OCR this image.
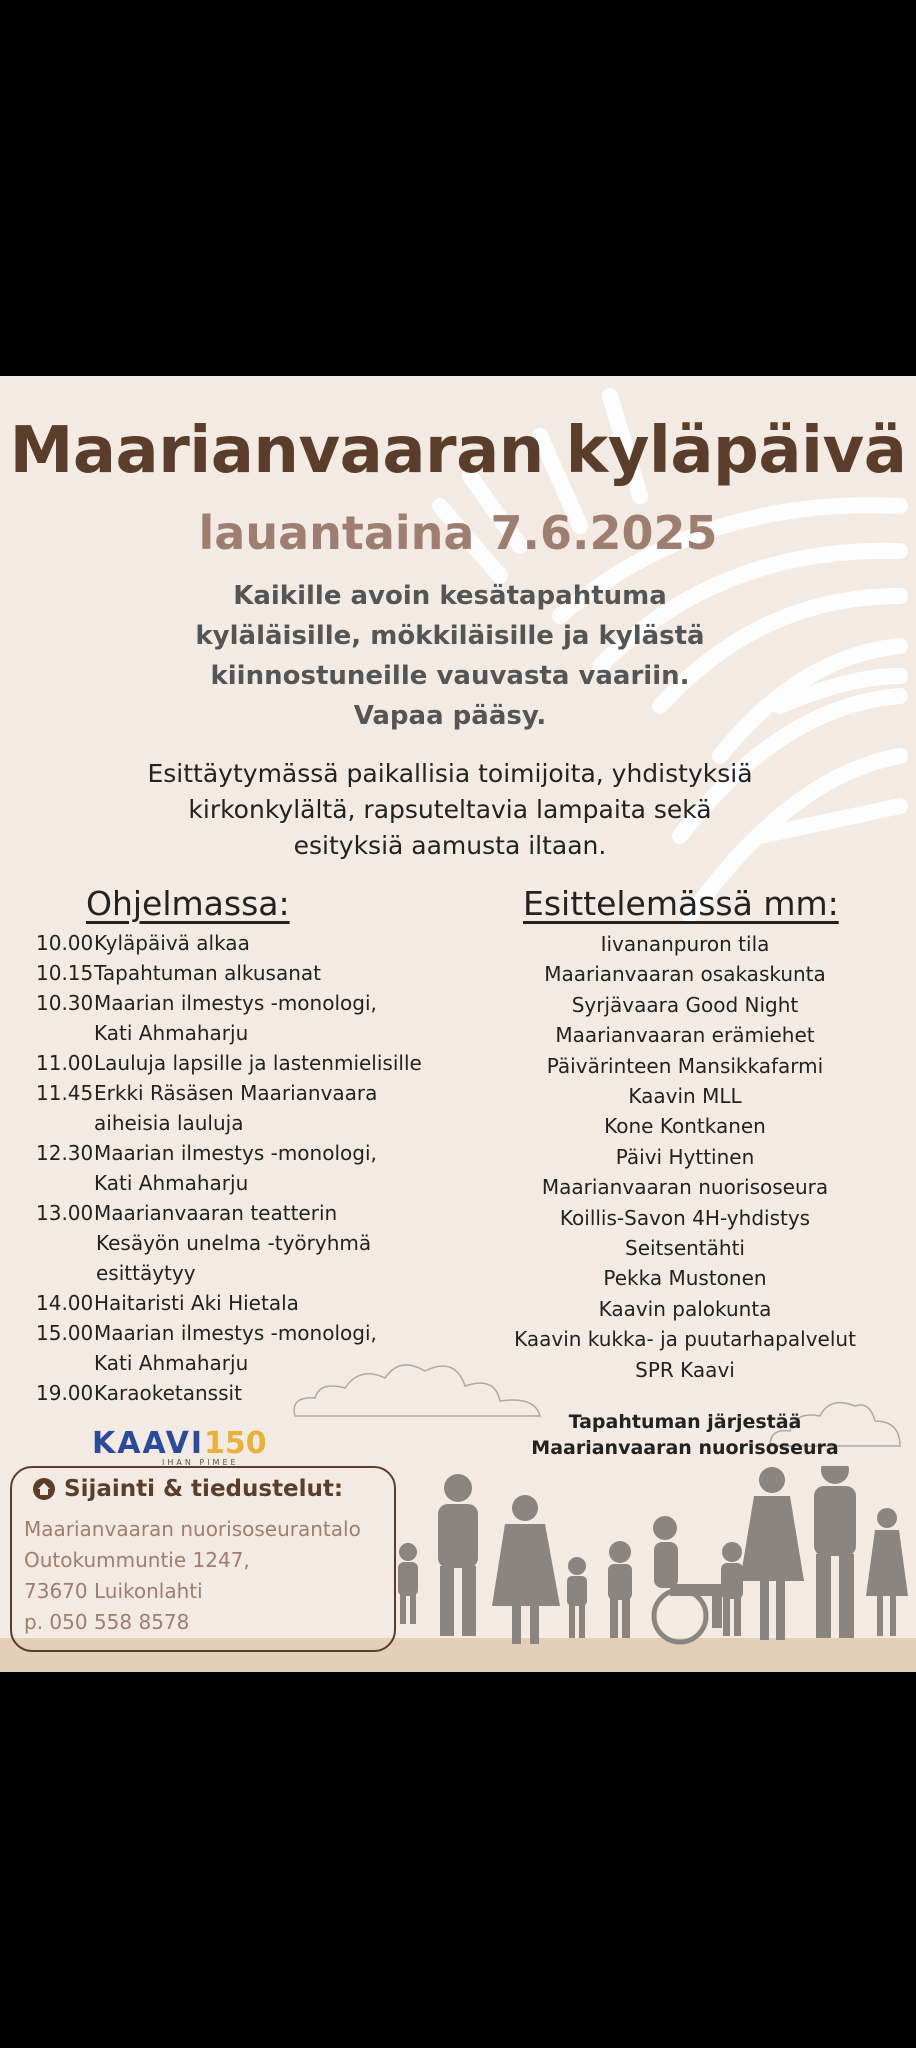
Maarianvaaran kyläpäivä
lauantaina 7.6.2025
Kaikille avoin kesätapahtuma
kyläläisille, mökkiläisille ja kylästä
kiinnostuneille vauvasta vaariin.
Vapaa pääsy.
Esittäytymässä paikallisia toimijoita, yhdistyksiä
kirkonkylältä, rapsuteltavia lampaita sekä
esityksiä aamusta iltaan.
Ohjelmassa:	Esittelemässä mm:
10.00 Kyläpäivä alkaa
10.15 Tapahtuman alkusanat
10.30 Maarian ilmestys -monologi,
Kati Ahmaharju
11.00 Lauluja lapsille ja lastenmielisille
11.45 Erkki Räsäsen Maarianvaara
aiheisia lauluja
12.30 Maarian ilmestys -monologi,
Kati Ahmaharju
13.00 Maarianvaaran teatterin
Kesäyön unelma -työryhmä
esittäytyy
14.00 Haitaristi Aki Hietala
15.00 Maarian ilmestys -monologi,
Kati Ahmaharju
19.00 Karaoketanssit
Iivananpuron tila
Maarianvaaran osakaskunta
Syrjävaara Good Night
Maarianvaaran erämiehet
Päivärinteen Mansikkafarmi
Kaavin MLL
Kone Kontkanen
Päivi Hyttinen
Maarianvaaran nuorisoseura
Koillis-Savon 4H-yhdistys
Seitsentähti
Pekka Mustonen
Kaavin palokunta
Kaavin kukka- ja puutarhapalvelut
SPR Kaavi
Tapahtuman järjestää
Maarianvaaran nuorisoseura
KAAVI150
IHAN PIMEE
Sijainti & tiedustelut:
Maarianvaaran nuorisoseurantalo
Outokummuntie 1247,
73670 Luikonlahti
p. 050 558 8578
